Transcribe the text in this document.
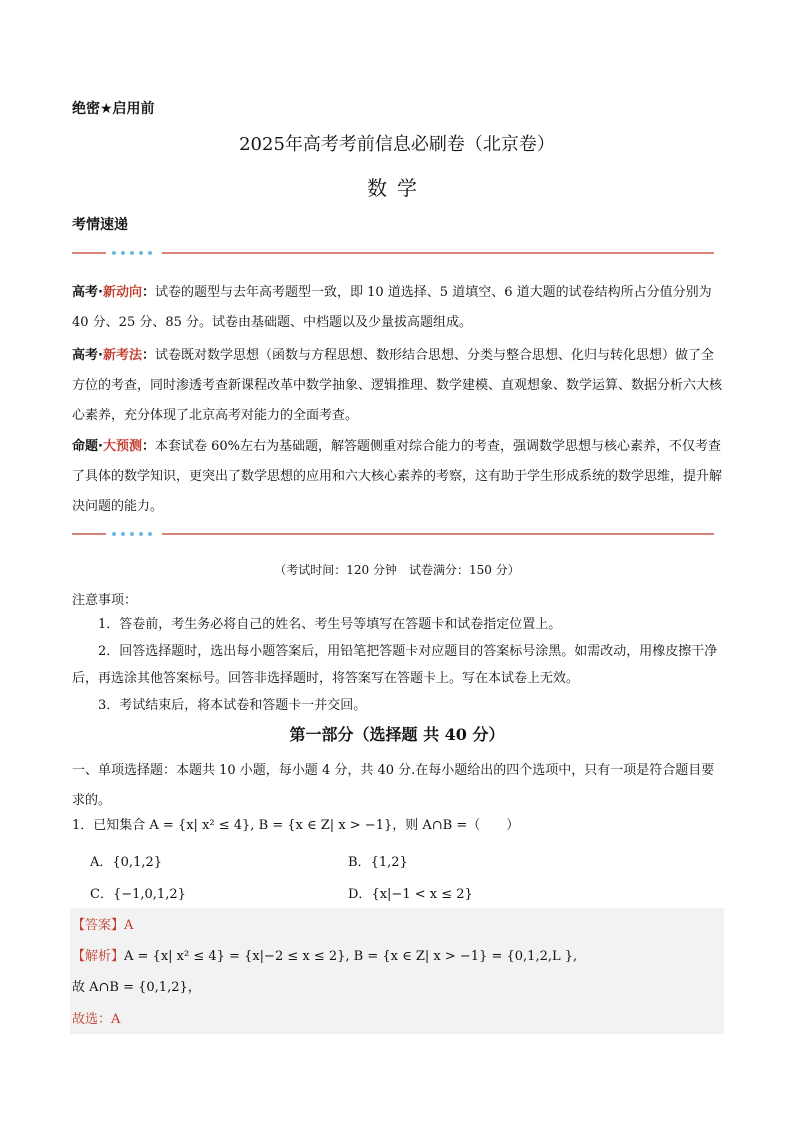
绝密★启用前
2025年高考考前信息必刷卷（北京卷）
数学
考情速递
高考·新动向：试卷的题型与去年高考题型一致，即 10 道选择、5 道填空、6 道大题的试卷结构所占分值分别为 40 分、25 分、85 分。试卷由基础题、中档题以及少量拔高题组成。
高考·新考法：试卷既对数学思想（函数与方程思想、数形结合思想、分类与整合思想、化归与转化思想）做了全方位的考查，同时渗透考查新课程改革中数学抽象、逻辑推理、数学建模、直观想象、数学运算、数据分析六大核心素养，充分体现了北京高考对能力的全面考查。
命题·大预测：本套试卷 60%左右为基础题，解答题侧重对综合能力的考查，强调数学思想与核心素养，不仅考查了具体的数学知识，更突出了数学思想的应用和六大核心素养的考察，这有助于学生形成系统的数学思维，提升解决问题的能力。
（考试时间：120 分钟　试卷满分：150 分）
注意事项：
1．答卷前，考生务必将自己的姓名、考生号等填写在答题卡和试卷指定位置上。
2．回答选择题时，选出每小题答案后，用铅笔把答题卡对应题目的答案标号涂黑。如需改动，用橡皮擦干净后，再选涂其他答案标号。回答非选择题时，将答案写在答题卡上。写在本试卷上无效。
3．考试结束后，将本试卷和答题卡一并交回。
第一部分（选择题 共 40 分）
一、单项选择题：本题共 10 小题，每小题 4 分，共 40 分.在每小题给出的四个选项中，只有一项是符合题目要求的。
1．已知集合 A = {x| x² ≤ 4}, B = {x ∈ Z| x > −1}，则 A∩B =（　　）
A．{0,1,2}	B．{1,2}
C．{−1,0,1,2}	D．{x|−1 < x ≤ 2}
【答案】A
【解析】A = {x| x² ≤ 4} = {x|−2 ≤ x ≤ 2}, B = {x ∈ Z| x > −1} = {0,1,2,L },
故 A∩B = {0,1,2}，
故选：A
